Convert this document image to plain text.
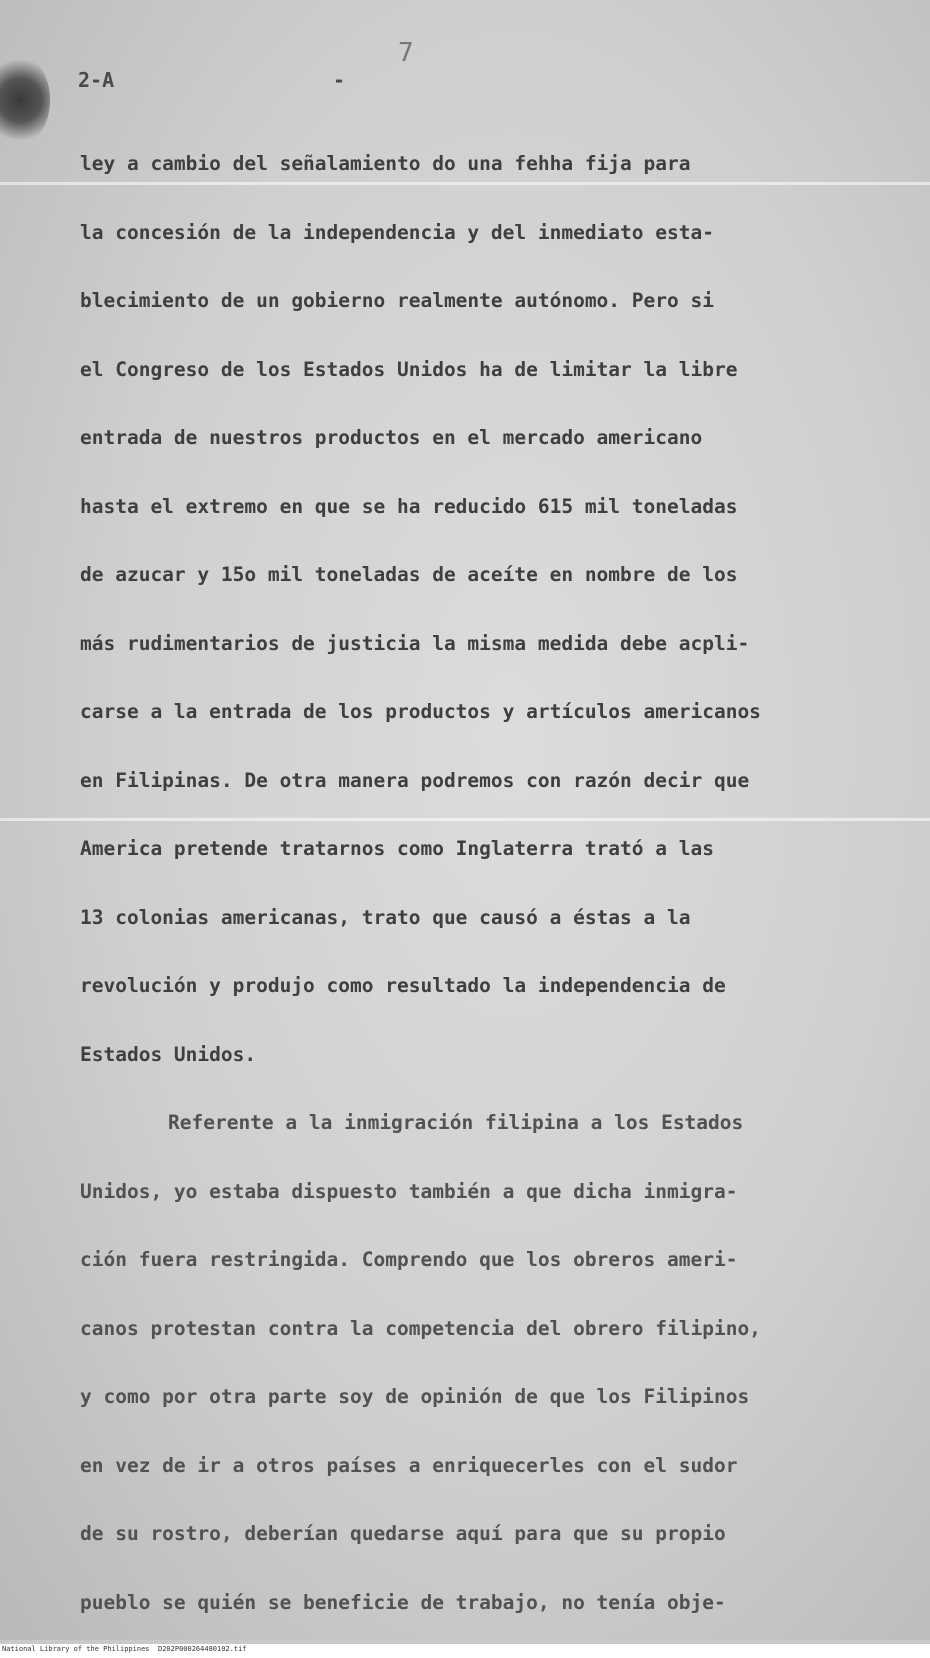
2-A	-
7
ley a cambio del señalamiento do una fehha fija para
la concesión de la independencia y del inmediato esta-
blecimiento de un gobierno realmente autónomo. Pero si
el Congreso de los Estados Unidos ha de limitar la libre
entrada de nuestros productos en el mercado americano
hasta el extremo en que se ha reducido 615 mil toneladas
de azucar y 15o mil toneladas de aceíte en nombre de los
más rudimentarios de justicia la misma medida debe acpli-
carse a la entrada de los productos y artículos americanos
en Filipinas. De otra manera podremos con razón decir que
America pretende tratarnos como Inglaterra trató a las
13 colonias americanas, trato que causó a éstas a la
revolución y produjo como resultado la independencia de
Estados Unidos.
Referente a la inmigración filipina a los Estados
Unidos, yo estaba dispuesto también a que dicha inmigra-
ción fuera restringida. Comprendo que los obreros ameri-
canos protestan contra la competencia del obrero filipino,
y como por otra parte soy de opinión de que los Filipinos
en vez de ir a otros países a enriquecerles con el sudor
de su rostro, deberían quedarse aquí para que su propio
pueblo se quién se beneficie de trabajo, no tenía obje-
National Library of the Philippines D202P000264480102.tif
